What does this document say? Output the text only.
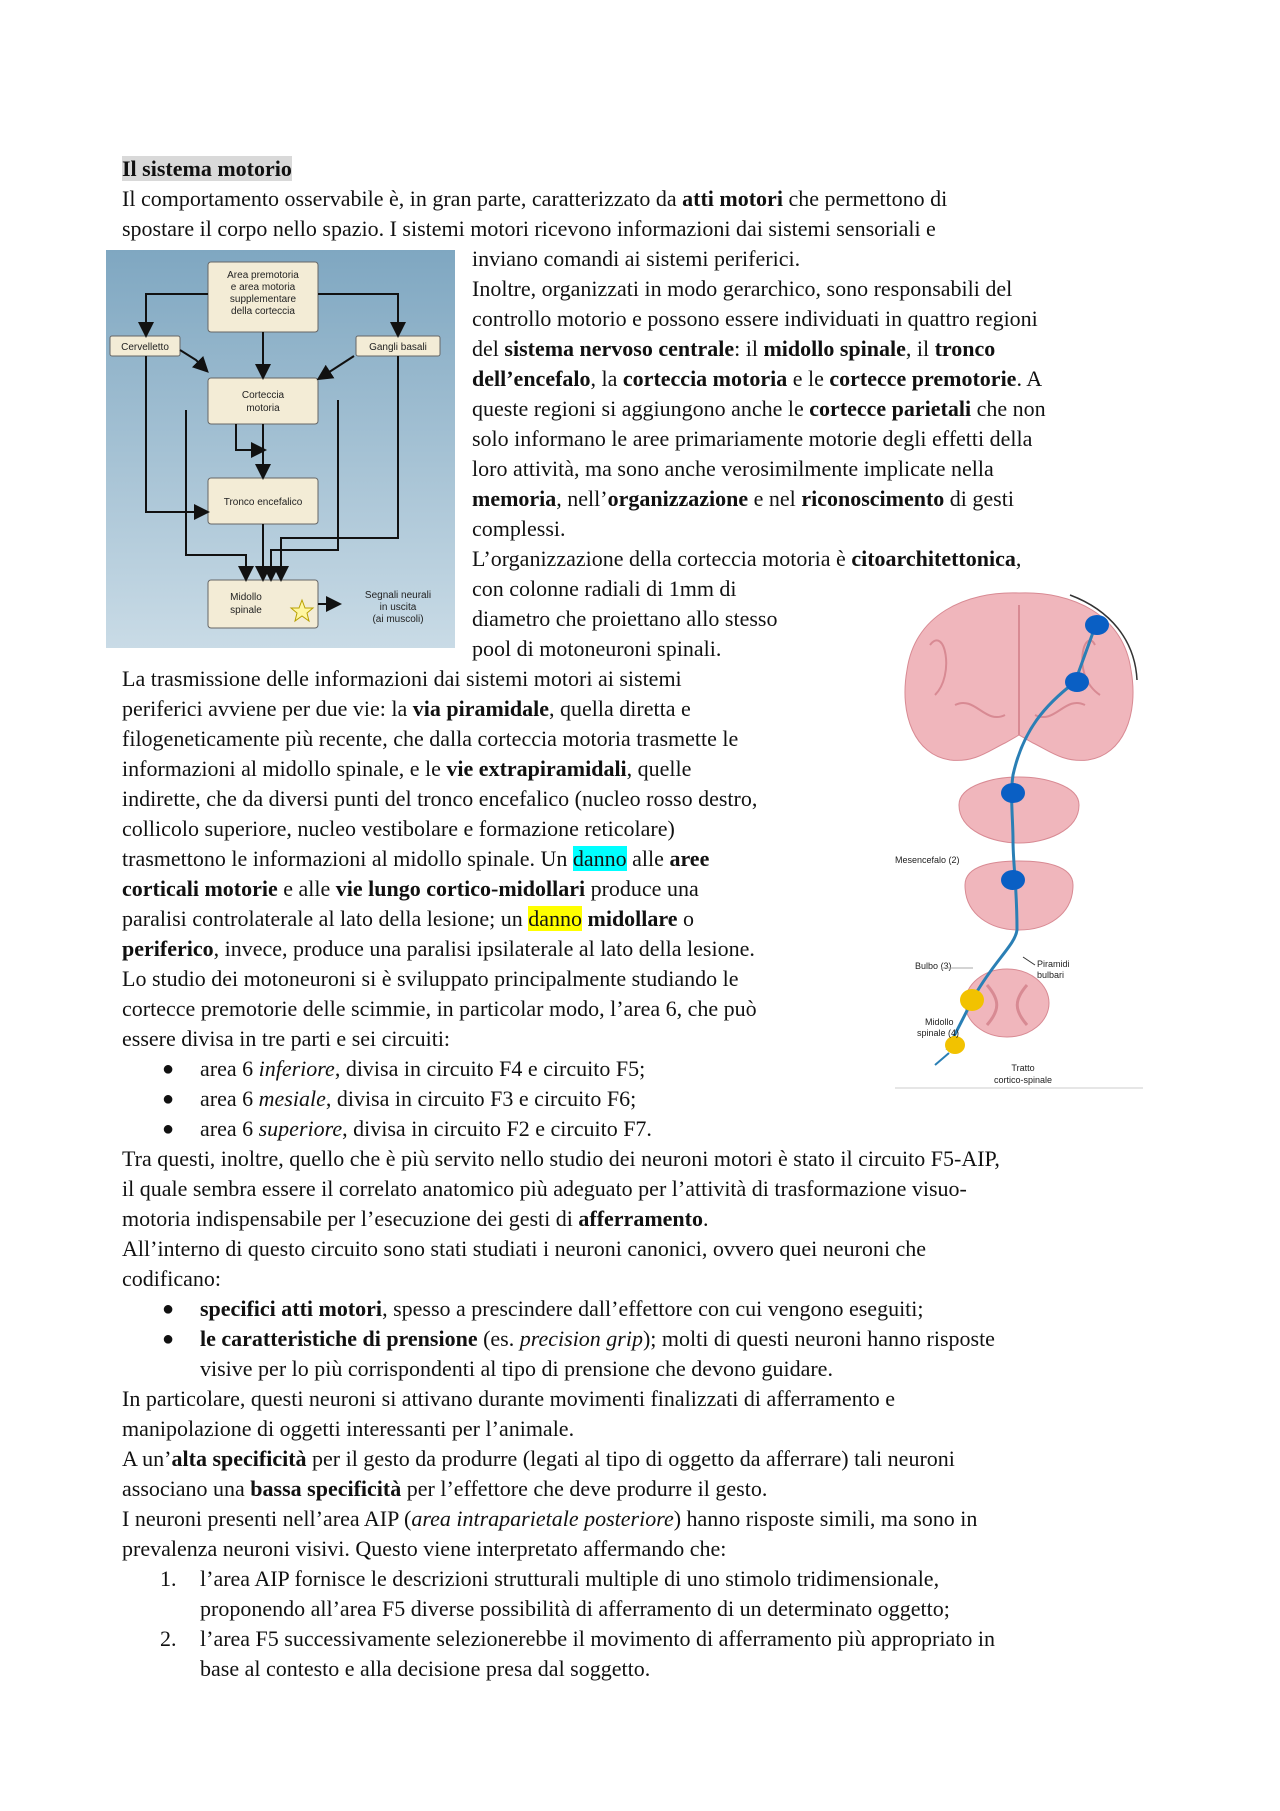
Il sistema motorio
Il comportamento osservabile è, in gran parte, caratterizzato da atti motori che permettono di
spostare il corpo nello spazio. I sistemi motori ricevono informazioni dai sistemi sensoriali e
Area premotoria
e area motoria
supplementare
della corteccia
Cervelletto	Gangli basali
Corteccia
motoria
Tronco encefalico
Midollo
spinale
Segnali neurali
in uscita
(ai muscoli)
inviano comandi ai sistemi periferici.
Inoltre, organizzati in modo gerarchico, sono responsabili del
controllo motorio e possono essere individuati in quattro regioni
del sistema nervoso centrale: il midollo spinale, il tronco
dell’encefalo, la corteccia motoria e le cortecce premotorie. A
queste regioni si aggiungono anche le cortecce parietali che non
solo informano le aree primariamente motorie degli effetti della
loro attività, ma sono anche verosimilmente implicate nella
memoria, nell’organizzazione e nel riconoscimento di gesti
complessi.
L’organizzazione della corteccia motoria è citoarchitettonica,
con colonne radiali di 1mm di
diametro che proiettano allo stesso
pool di motoneuroni spinali.
Mesencefalo (2)
Bulbo (3)	Piramidi
bulbari
Midollo
spinale (4)
Tratto
cortico-spinale
La trasmissione delle informazioni dai sistemi motori ai sistemi
periferici avviene per due vie: la via piramidale, quella diretta e
filogeneticamente più recente, che dalla corteccia motoria trasmette le
informazioni al midollo spinale, e le vie extrapiramidali, quelle
indirette, che da diversi punti del tronco encefalico (nucleo rosso destro,
collicolo superiore, nucleo vestibolare e formazione reticolare)
trasmettono le informazioni al midollo spinale. Un danno alle aree
corticali motorie e alle vie lungo cortico-midollari produce una
paralisi controlaterale al lato della lesione; un danno midollare o
periferico, invece, produce una paralisi ipsilaterale al lato della lesione.
Lo studio dei motoneuroni si è sviluppato principalmente studiando le
cortecce premotorie delle scimmie, in particolar modo, l’area 6, che può
essere divisa in tre parti e sei circuiti:
● area 6 inferiore, divisa in circuito F4 e circuito F5;
● area 6 mesiale, divisa in circuito F3 e circuito F6;
● area 6 superiore, divisa in circuito F2 e circuito F7.
Tra questi, inoltre, quello che è più servito nello studio dei neuroni motori è stato il circuito F5-AIP,
il quale sembra essere il correlato anatomico più adeguato per l’attività di trasformazione visuo-
motoria indispensabile per l’esecuzione dei gesti di afferramento.
All’interno di questo circuito sono stati studiati i neuroni canonici, ovvero quei neuroni che
codificano:
● specifici atti motori, spesso a prescindere dall’effettore con cui vengono eseguiti;
● le caratteristiche di prensione (es. precision grip); molti di questi neuroni hanno risposte
visive per lo più corrispondenti al tipo di prensione che devono guidare.
In particolare, questi neuroni si attivano durante movimenti finalizzati di afferramento e
manipolazione di oggetti interessanti per l’animale.
A un’alta specificità per il gesto da produrre (legati al tipo di oggetto da afferrare) tali neuroni
associano una bassa specificità per l’effettore che deve produrre il gesto.
I neuroni presenti nell’area AIP (area intraparietale posteriore) hanno risposte simili, ma sono in
prevalenza neuroni visivi. Questo viene interpretato affermando che:
1. l’area AIP fornisce le descrizioni strutturali multiple di uno stimolo tridimensionale,
proponendo all’area F5 diverse possibilità di afferramento di un determinato oggetto;
2. l’area F5 successivamente selezionerebbe il movimento di afferramento più appropriato in
base al contesto e alla decisione presa dal soggetto.
